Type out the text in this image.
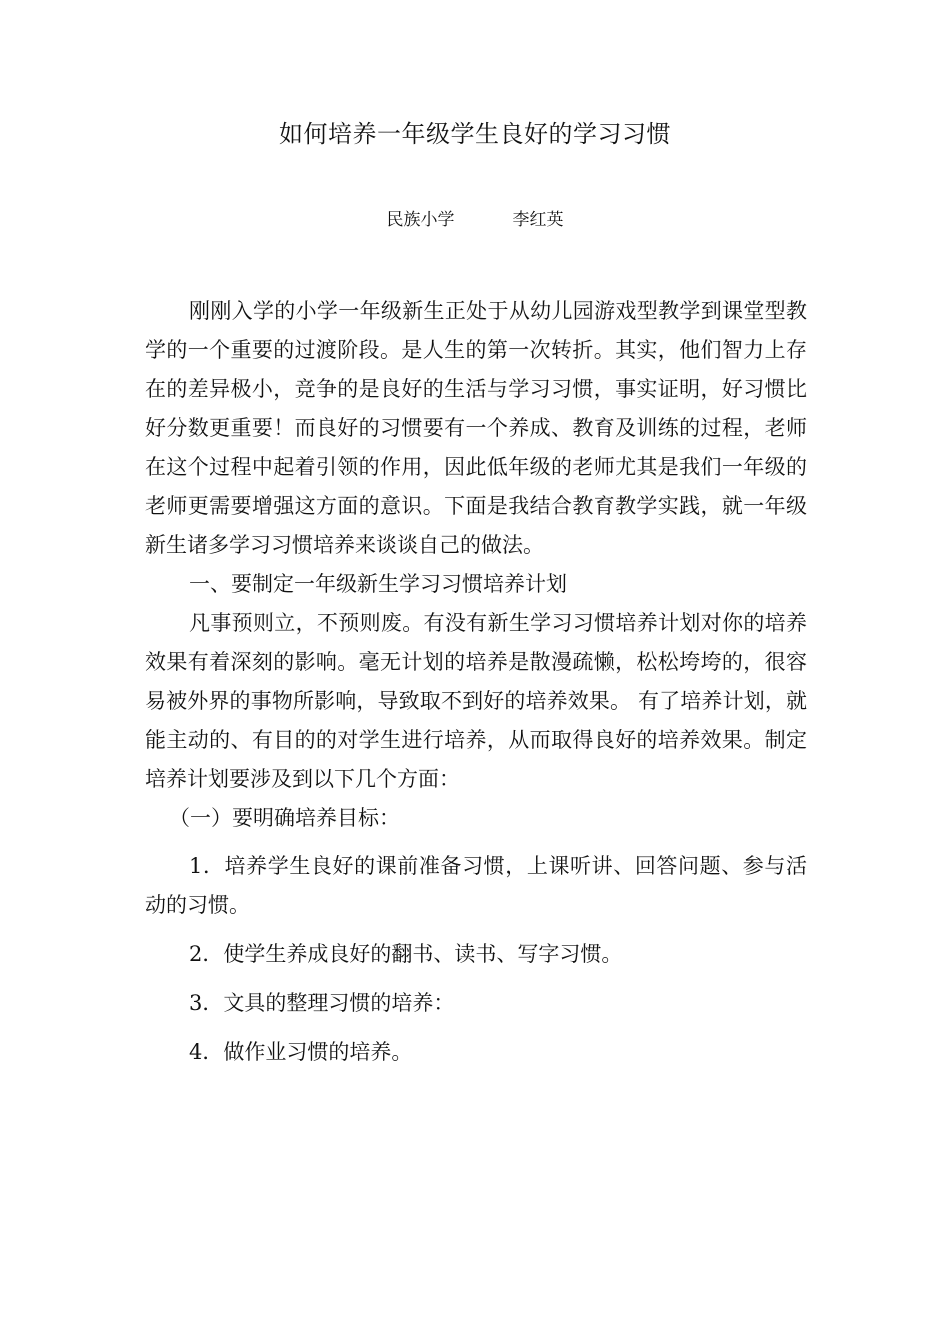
如何培养一年级学生良好的学习习惯
民族小学	李红英

刚刚入学的小学一年级新生正处于从幼儿园游戏型教学到课堂型教学的一个重要的过渡阶段。是人生的第一次转折。其实，他们智力上存在的差异极小，竞争的是良好的生活与学习习惯，事实证明，好习惯比好分数更重要！而良好的习惯要有一个养成、教育及训练的过程，老师在这个过程中起着引领的作用，因此低年级的老师尤其是我们一年级的老师更需要增强这方面的意识。下面是我结合教育教学实践，就一年级新生诸多学习习惯培养来谈谈自己的做法。

一、要制定一年级新生学习习惯培养计划

凡事预则立，不预则废。有没有新生学习习惯培养计划对你的培养效果有着深刻的影响。毫无计划的培养是散漫疏懒，松松垮垮的，很容易被外界的事物所影响，导致取不到好的培养效果。 有了培养计划，就能主动的、有目的的对学生进行培养，从而取得良好的培养效果。制定培养计划要涉及到以下几个方面：

（一）要明确培养目标：

1．培养学生良好的课前准备习惯，上课听讲、回答问题、参与活动的习惯。

2．使学生养成良好的翻书、读书、写字习惯。

3．文具的整理习惯的培养：

4．做作业习惯的培养。
